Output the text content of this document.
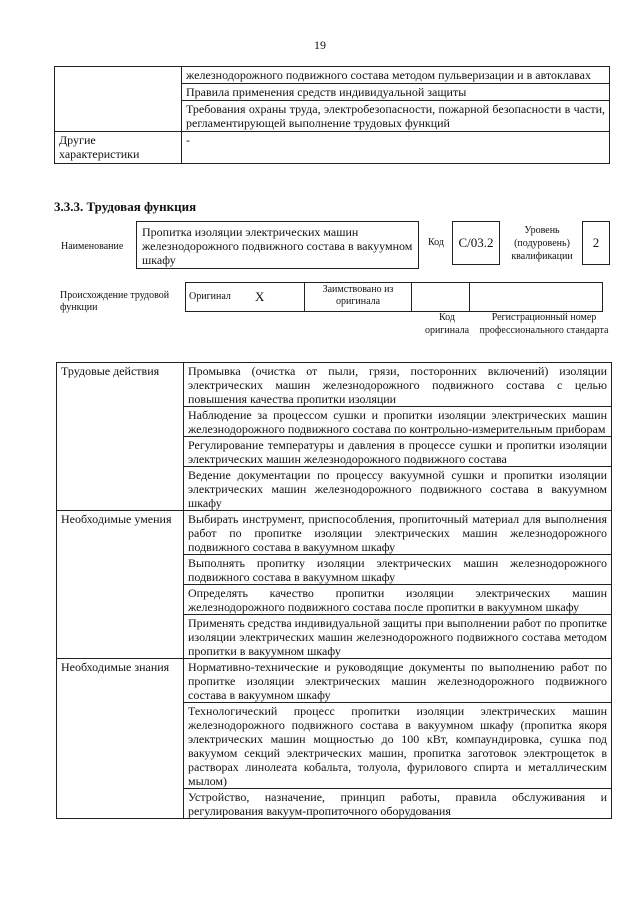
19
	железнодорожного подвижного состава методом пульверизации и в автоклавах
	Правила применения средств индивидуальной защиты
	Требования охраны труда, электробезопасности, пожарной безопасности в части, регламентирующей выполнение трудовых функций
Другие характеристики	-
3.3.3. Трудовая функция
Наименование
Пропитка изоляции электрических машин железнодорожного подвижного состава в вакуумном шкафу
Код	С/03.2
Уровень (подуровень) квалификации
2
Происхождение трудовой функции
Оригинал	X	Заимствовано из оригинала		
Код оригинала
Регистрационный номер профессионального стандарта
Трудовые действия	Промывка (очистка от пыли, грязи, посторонних включений) изоляции электрических машин железнодорожного подвижного состава с целью повышения качества пропитки изоляции
	Наблюдение за процессом сушки и пропитки изоляции электрических машин железнодорожного подвижного состава по контрольно-измерительным приборам
	Регулирование температуры и давления в процессе сушки и пропитки изоляции электрических машин железнодорожного подвижного состава
	Ведение документации по процессу вакуумной сушки и пропитки изоляции электрических машин железнодорожного подвижного состава в вакуумном шкафу
Необходимые умения	Выбирать инструмент, приспособления, пропиточный материал для выполнения работ по пропитке изоляции электрических машин железнодорожного подвижного состава в вакуумном шкафу
	Выполнять пропитку изоляции электрических машин железнодорожного подвижного состава в вакуумном шкафу
	Определять качество пропитки изоляции электрических машин железнодорожного подвижного состава после пропитки в вакуумном шкафу
	Применять средства индивидуальной защиты при выполнении работ по пропитке изоляции электрических машин железнодорожного подвижного состава методом пропитки в вакуумном шкафу
Необходимые знания	Нормативно-технические и руководящие документы по выполнению работ по пропитке изоляции электрических машин железнодорожного подвижного состава в вакуумном шкафу
	Технологический процесс пропитки изоляции электрических машин железнодорожного подвижного состава в вакуумном шкафу (пропитка якоря электрических машин мощностью до 100 кВт, компаундировка, сушка под вакуумом секций электрических машин, пропитка заготовок электрощеток в растворах линолеата кобальта, толуола, фурилового спирта и металлическим мылом)
	Устройство, назначение, принцип работы, правила обслуживания и регулирования вакуум-пропиточного оборудования
